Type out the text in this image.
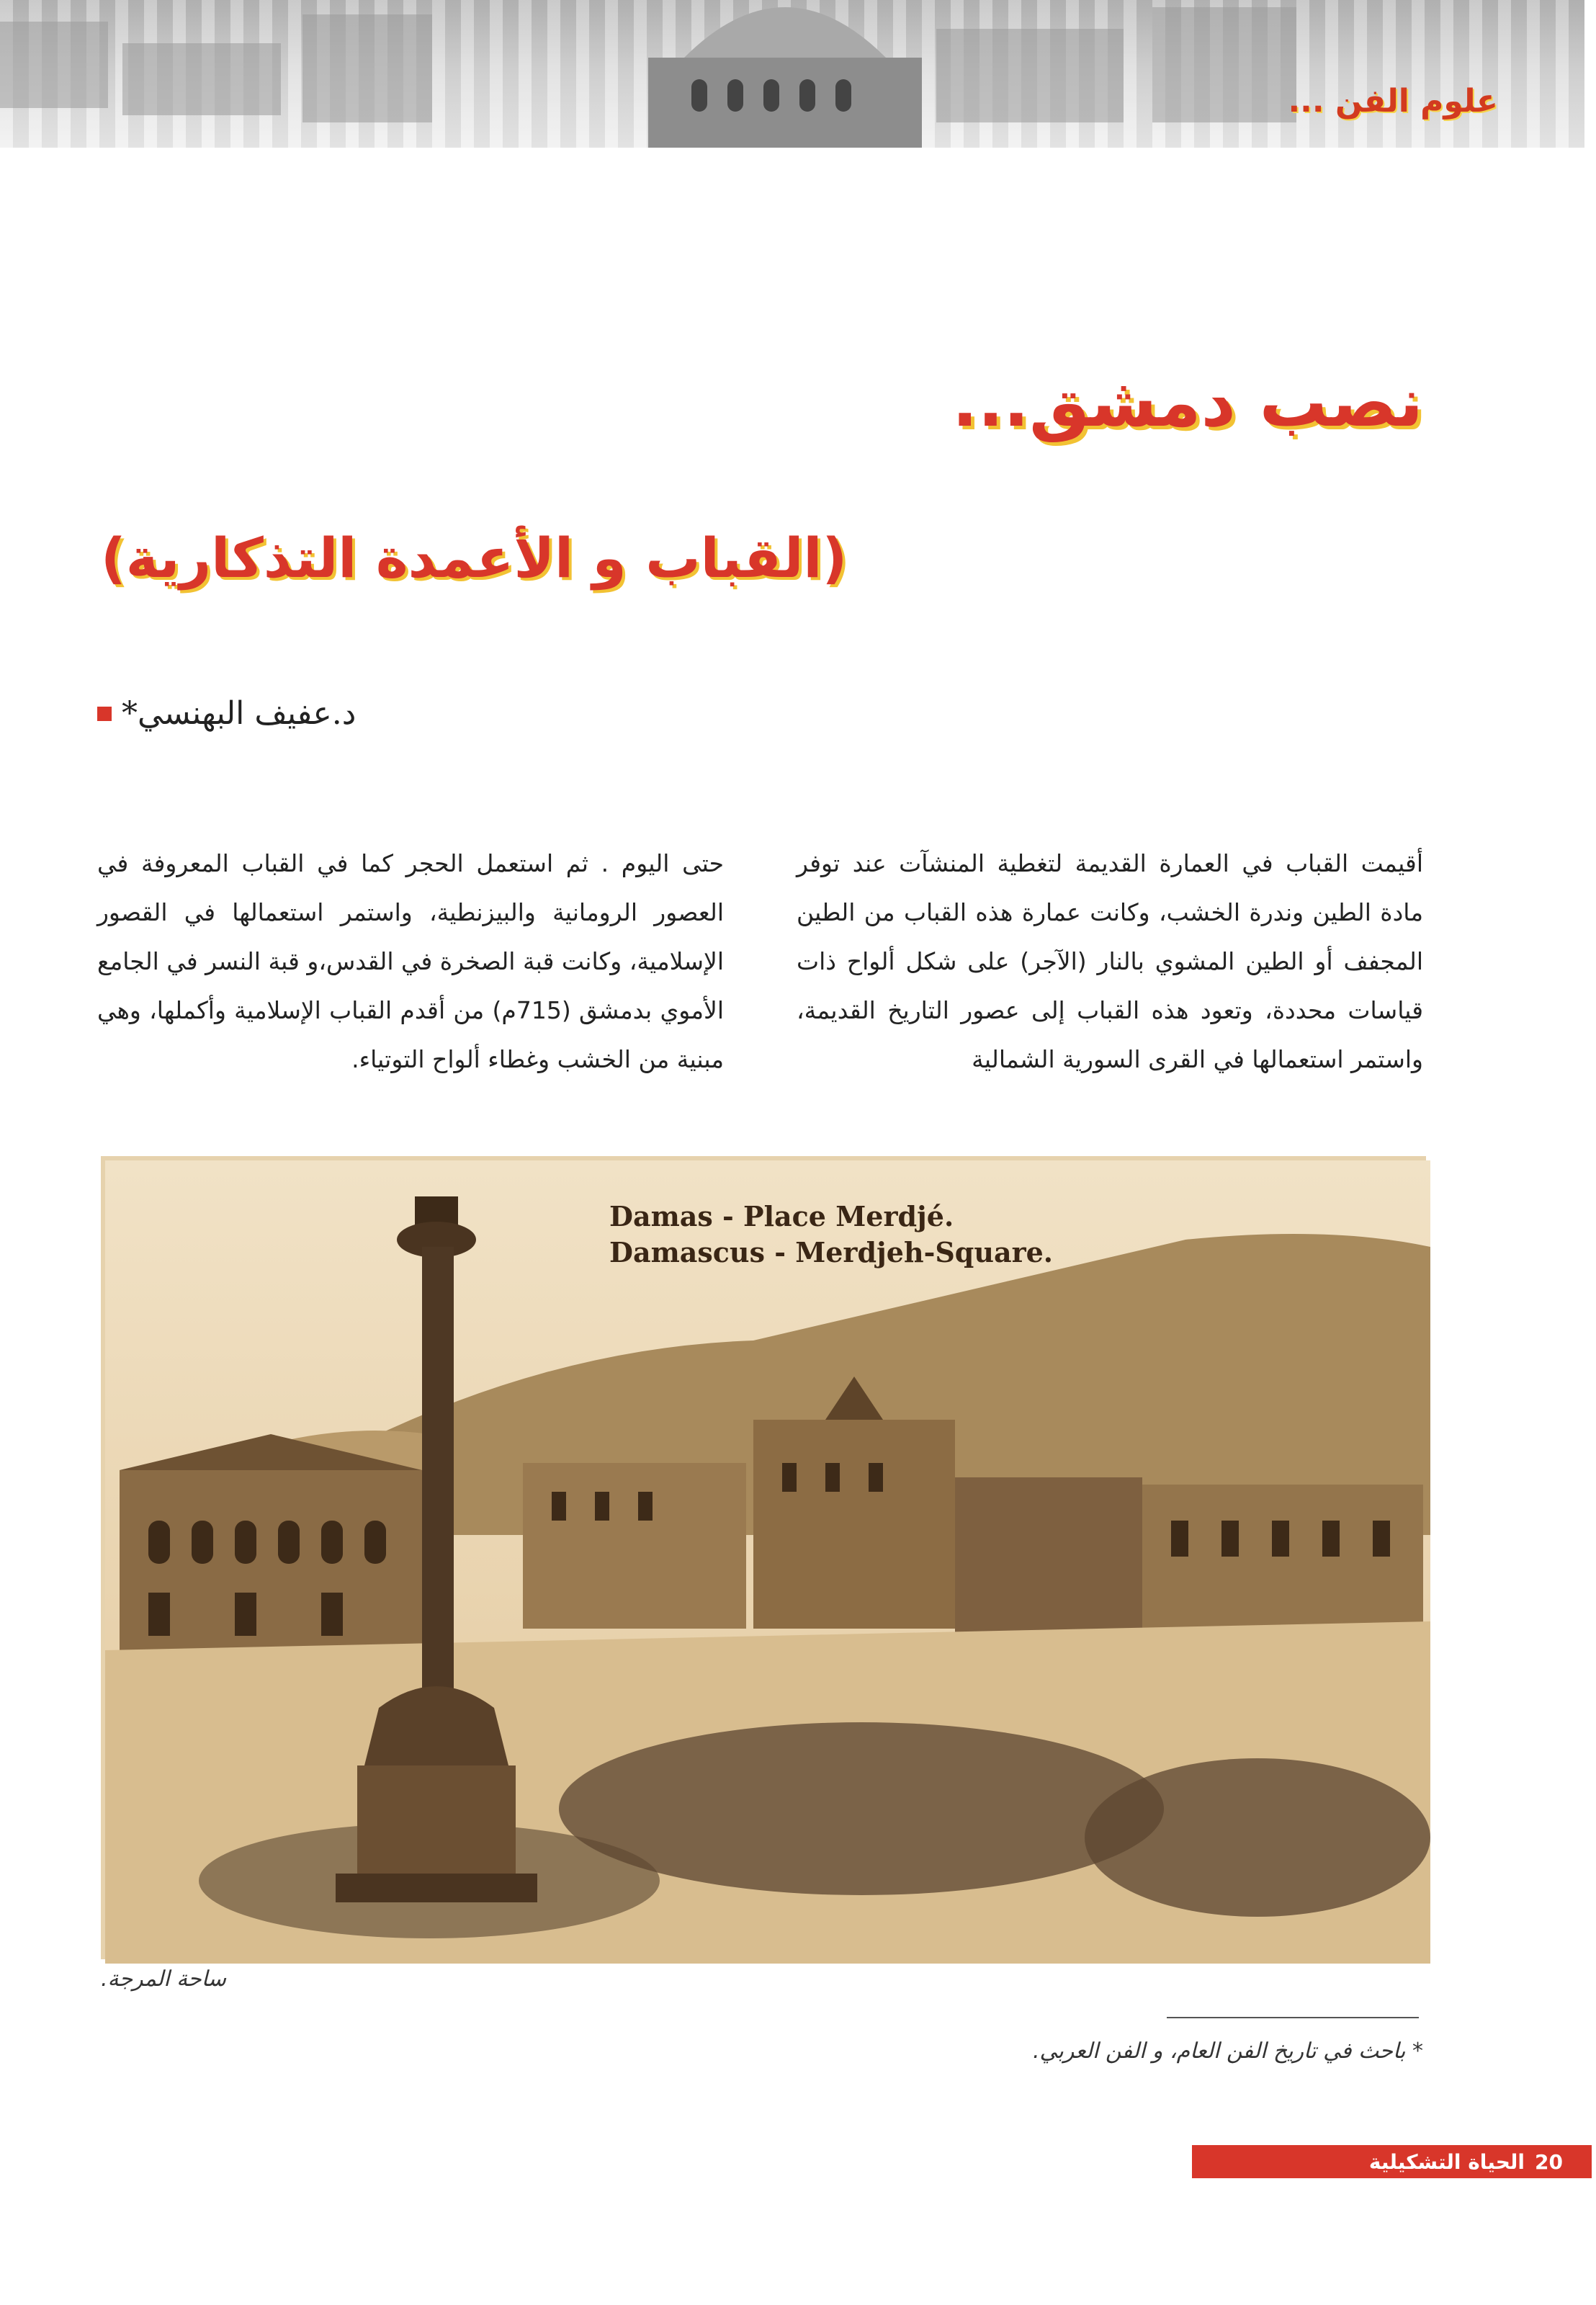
علوم الفن ...
نصب دمشق...
(القباب و الأعمدة التذكارية)
د.عفيف البهنسي*
أقيمت القباب في العمارة القديمة لتغطية المنشآت عند توفر مادة الطين وندرة الخشب، وكانت عمارة هذه القباب من الطين المجفف أو الطين المشوي بالنار (الآجر) على شكل ألواح ذات قياسات محددة، وتعود هذه القباب إلى عصور التاريخ القديمة، واستمر استعمالها في القرى السورية الشمالية
حتى اليوم . ثم استعمل الحجر كما في القباب المعروفة في العصور الرومانية والبيزنطية، واستمر استعمالها في القصور الإسلامية، وكانت قبة الصخرة في القدس،و قبة النسر في الجامع الأموي بدمشق (715م) من أقدم القباب الإسلامية وأكملها، وهي مبنية من الخشب وغطاء ألواح التوتياء.
Damas - Place Merdjé.
Damascus - Merdjeh-Square.
ساحة المرجة.
* باحث في تاريخ الفن العام، و الفن العربي.
الحياة التشكيلية 20
